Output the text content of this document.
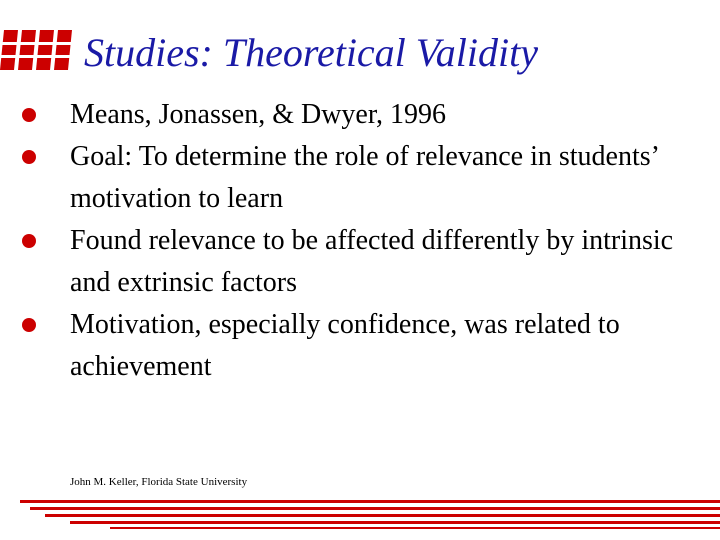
Studies: Theoretical Validity
Means, Jonassen, & Dwyer, 1996
Goal: To determine the role of relevance in students’ motivation to learn
Found relevance to be affected differently by intrinsic and extrinsic factors
Motivation, especially confidence, was related to achievement
John M. Keller, Florida State University
